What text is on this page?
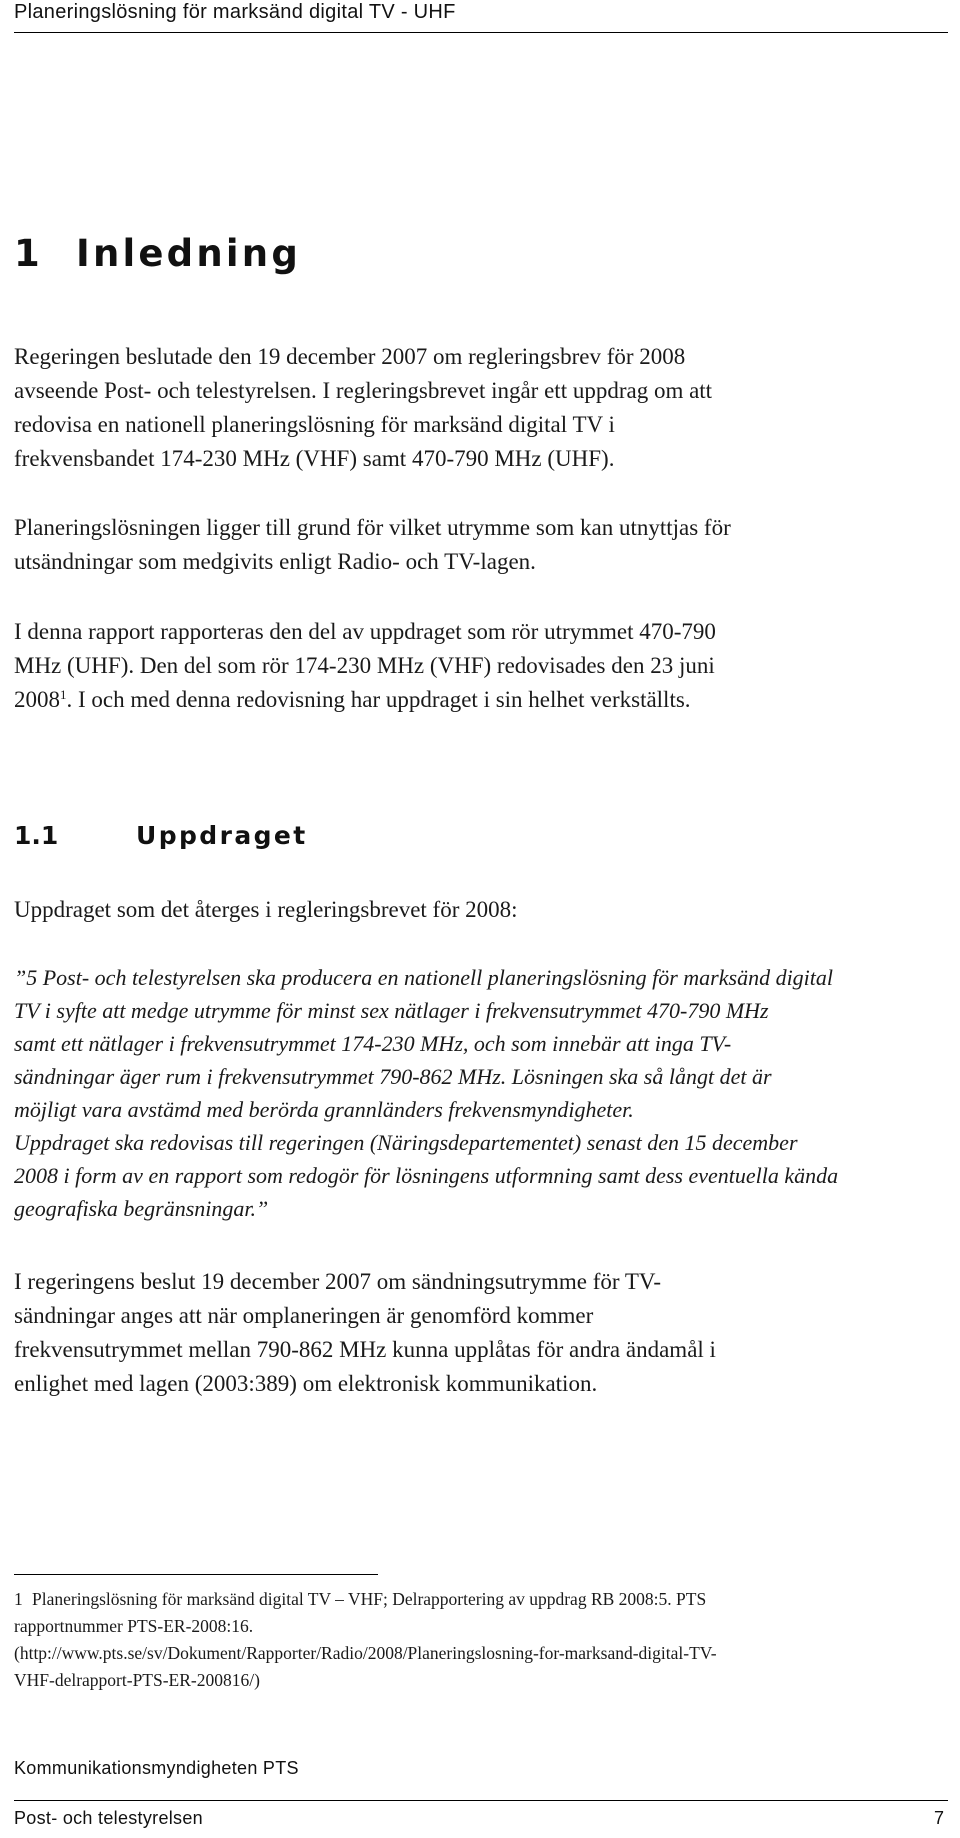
Planeringslösning för marksänd digital TV - UHF
1 Inledning
Regeringen beslutade den 19 december 2007 om regleringsbrev för 2008
avseende Post- och telestyrelsen. I regleringsbrevet ingår ett uppdrag om att
redovisa en nationell planeringslösning för marksänd digital TV i
frekvensbandet 174-230 MHz (VHF) samt 470-790 MHz (UHF).
Planeringslösningen ligger till grund för vilket utrymme som kan utnyttjas för
utsändningar som medgivits enligt Radio- och TV-lagen.
I denna rapport rapporteras den del av uppdraget som rör utrymmet 470-790
MHz (UHF). Den del som rör 174-230 MHz (VHF) redovisades den 23 juni
2008$^1$. I och med denna redovisning har uppdraget i sin helhet verkställts.
1.1	Uppdraget
Uppdraget som det återges i regleringsbrevet för 2008:
”5 Post- och telestyrelsen ska producera en nationell planeringslösning för marksänd digital
TV i syfte att medge utrymme för minst sex nätlager i frekvensutrymmet 470-790 MHz
samt ett nätlager i frekvensutrymmet 174-230 MHz, och som innebär att inga TV-
sändningar äger rum i frekvensutrymmet 790-862 MHz. Lösningen ska så långt det är
möjligt vara avstämd med berörda grannländers frekvensmyndigheter.
Uppdraget ska redovisas till regeringen (Näringsdepartementet) senast den 15 december
2008 i form av en rapport som redogör för lösningens utformning samt dess eventuella kända
geografiska begränsningar.”
I regeringens beslut 19 december 2007 om sändningsutrymme för TV-
sändningar anges att när omplaneringen är genomförd kommer
frekvensutrymmet mellan 790-862 MHz kunna upplåtas för andra ändamål i
enlighet med lagen (2003:389) om elektronisk kommunikation.
1 Planeringslösning för marksänd digital TV – VHF; Delrapportering av uppdrag RB 2008:5. PTS
rapportnummer PTS-ER-2008:16.
(http://www.pts.se/sv/Dokument/Rapporter/Radio/2008/Planeringslosning-for-marksand-digital-TV-
VHF-delrapport-PTS-ER-200816/)
Kommunikationsmyndigheten PTS
Post- och telestyrelsen	7
